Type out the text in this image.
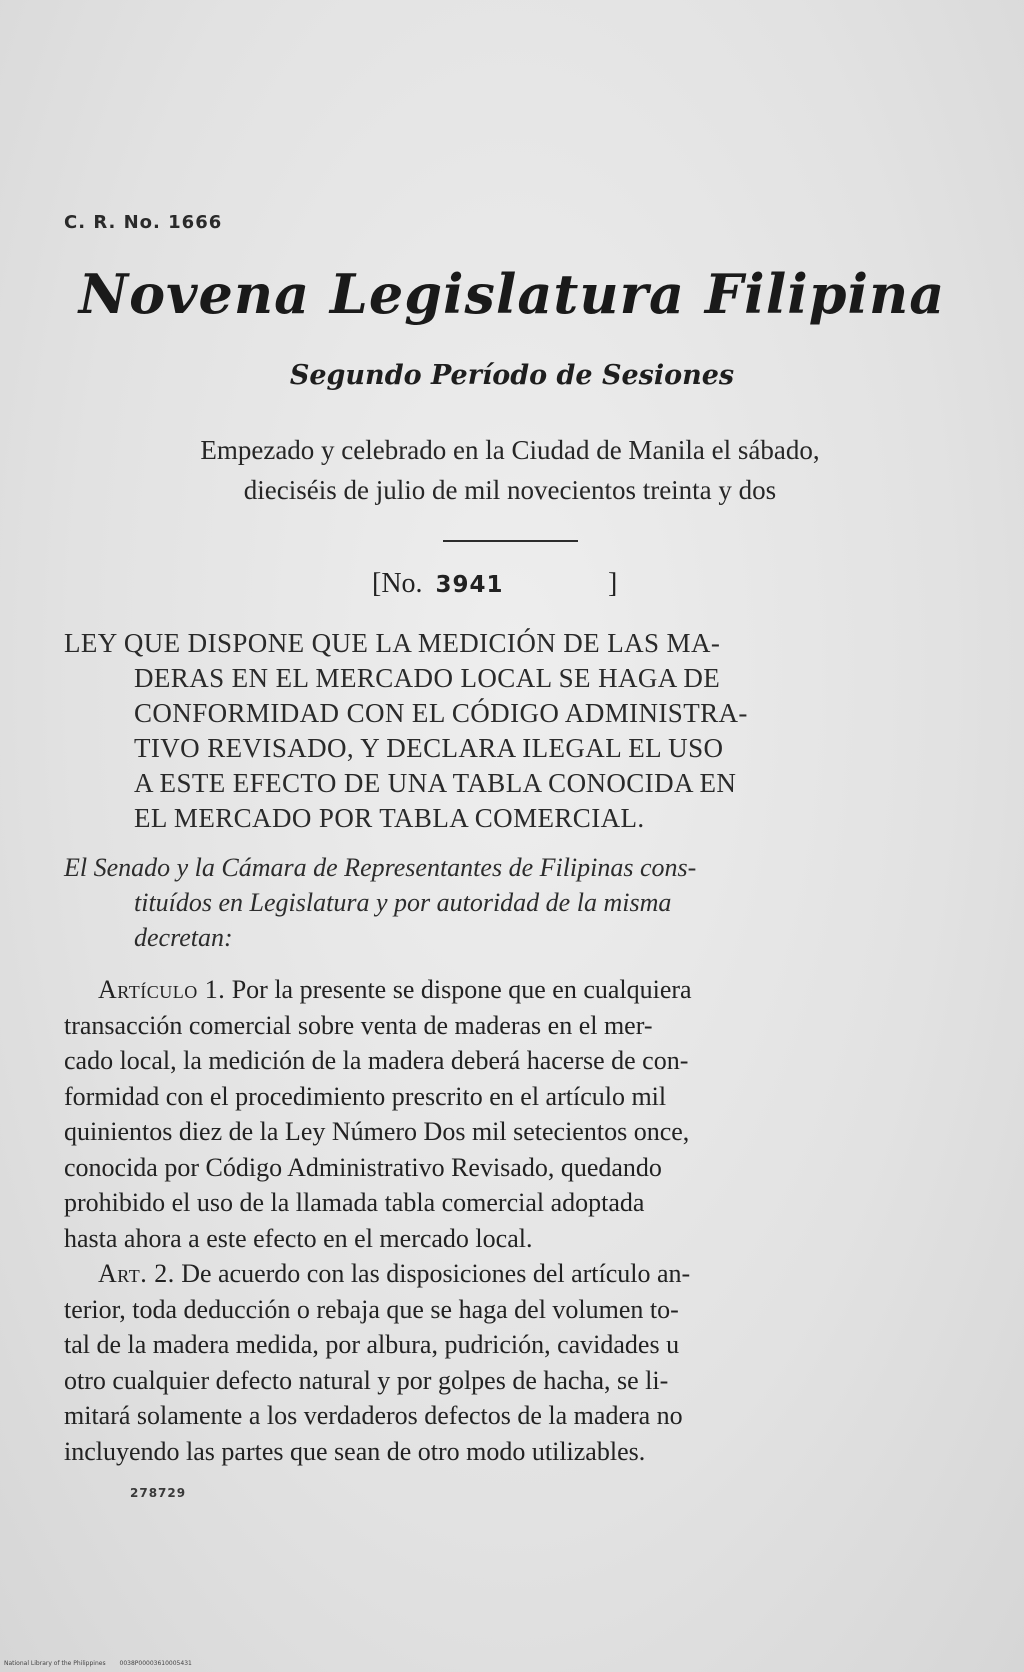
C. R. No. 1666
Novena Legislatura Filipina
Segundo Período de Sesiones
Empezado y celebrado en la Ciudad de Manila el sábado,
dieciséis de julio de mil novecientos treinta y dos
[No. 3941	]
LEY QUE DISPONE QUE LA MEDICIÓN DE LAS MA-
DERAS EN EL MERCADO LOCAL SE HAGA DE
CONFORMIDAD CON EL CÓDIGO ADMINISTRA-
TIVO REVISADO, Y DECLARA ILEGAL EL USO
A ESTE EFECTO DE UNA TABLA CONOCIDA EN
EL MERCADO POR TABLA COMERCIAL.
El Senado y la Cámara de Representantes de Filipinas cons-
tituídos en Legislatura y por autoridad de la misma
decretan:
Artículo 1. Por la presente se dispone que en cualquiera
transacción comercial sobre venta de maderas en el mer-
cado local, la medición de la madera deberá hacerse de con-
formidad con el procedimiento prescrito en el artículo mil
quinientos diez de la Ley Número Dos mil setecientos once,
conocida por Código Administrativo Revisado, quedando
prohibido el uso de la llamada tabla comercial adoptada
hasta ahora a este efecto en el mercado local.
Art. 2. De acuerdo con las disposiciones del artículo an-
terior, toda deducción o rebaja que se haga del volumen to-
tal de la madera medida, por albura, pudrición, cavidades u
otro cualquier defecto natural y por golpes de hacha, se li-
mitará solamente a los verdaderos defectos de la madera no
incluyendo las partes que sean de otro modo utilizables.
278729
National Library of the Philippines 0038P00003610005431
